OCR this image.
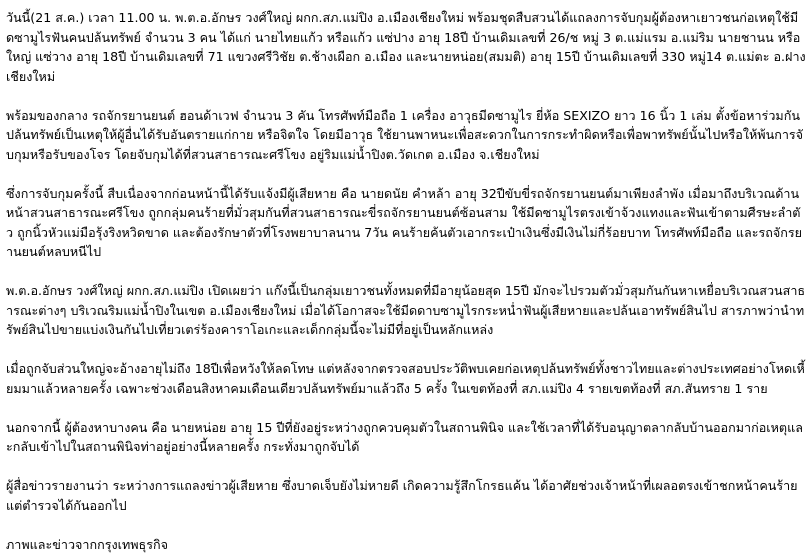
วันนี้(21 ส.ค.) เวลา 11.00 น. พ.ต.อ.อักษร วงศ์ใหญ่ ผกก.สภ.แม่ปิง อ.เมืองเชียงใหม่ พร้อมชุดสืบสวนได้แถลงการจับกุมผู้ต้องหาเยาวชนก่อเหตุใช้มีดซามูไรฟันคนปล้นทรัพย์ จำนวน 3 คน ได้แก่ นายไทยแก้ว หรือแก้ว แซ่ปาง อายุ 18ปี บ้านเดิมเลขที่ 26/ช หมู่ 3 ต.แม่แรม อ.แม่ริม นายชานน หรือใหญ่ แซ่วาง อายุ 18ปี บ้านเดิมเลขที่ 71 แขวงศรีวิชัย ต.ช้างเผือก อ.เมือง และนายหน่อย(สมมติ) อายุ 15ปี บ้านเดิมเลขที่ 330 หมู่14 ต.แม่ตะ อ.ฝาง เชียงใหม่

พร้อมของกลาง รถจักรยานยนต์ ฮอนด้าเวฟ จำนวน 3 คัน โทรศัพท์มือถือ 1 เครื่อง อาวุธมีดซามูไร ยี่ห้อ SEXIZO ยาว 16 นิ้ว 1 เล่ม ตั้งข้อหาร่วมกันปล้นทรัพย์เป็นเหตุให้ผู้อื่นได้รับอันตรายแก่กาย หรือจิตใจ โดยมีอาวุธ ใช้ยานพาหนะเพื่อสะดวกในการกระทำผิดหรือเพื่อพาทรัพย์นั้นไปหรือให้พ้นการจับกุมหรือรับของโจร โดยจับกุมได้ที่สวนสาธารณะศรีโขง อยู่ริมแม่น้ำปิงต.วัดเกต อ.เมือง จ.เชียงใหม่

ซึ่งการจับกุมครั้งนี้ สืบเนื่องจากก่อนหน้านี้ได้รับแจ้งมีผู้เสียหาย คือ นายดนัย คำหล้า อายุ 32ปีขับขี่รถจักรยานยนต์มาเพียงลำพัง เมื่อมาถึงบริเวณด้านหน้าสวนสาธารณะศรีโขง ถูกกลุ่มคนร้ายที่มั่วสุมกันที่สวนสาธารณะขี่รถจักรยานยนต์ซ้อนสาม ใช้มีดซามูไรตรงเข้าจ้วงแทงและฟันเข้าตามศีรษะลำตัว ถูกนิ้วหัวแม่มือรุ้งริงหวิดขาด และต้องรักษาตัวที่โรงพยาบาลนาน 7วัน คนร้ายค้นตัวเอากระเป๋าเงินซึ่งมีเงินไม่กี่ร้อยบาท โทรศัพท์มือถือ และรถจักรยานยนต์หลบหนีไป

พ.ต.อ.อักษร วงศ์ใหญ่ ผกก.สภ.แม่ปิง เปิดเผยว่า แก๊งนี้เป็นกลุ่มเยาวชนทั้งหมดที่มีอายุน้อยสุด 15ปี มักจะไปรวมตัวมั่วสุมกันกันหาเหยื่อบริเวณสวนสาธารณะต่างๆ บริเวณริมแม่น้ำปิงในเขต อ.เมืองเชียงใหม่ เมื่อได้โอกาสจะใช้มีดดาบซามูไรกระหน่ำฟันผู้เสียหายและปล้นเอาทรัพย์สินไป สารภาพว่านำทรัพย์สินไปขายแบ่งเงินกันไปเที่ยวเตร่ร้องคาราโอเกะและเด็กกลุ่มนี้จะไม่มีที่อยู่เป็นหลักแหล่ง

เมื่อถูกจับส่วนใหญ่จะอ้างอายุไม่ถึง 18ปีเพื่อหวังให้ลดโทษ แต่หลังจากตรวจสอบประวัติพบเคยก่อเหตุปล้นทรัพย์ทั้งชาวไทยและต่างประเทศอย่างโหดเหี้ยมมาแล้วหลายครั้ง เฉพาะช่วงเดือนสิงหาคมเดือนเดียวปล้นทรัพย์มาแล้วถึง 5 ครั้ง ในเขตท้องที่ สภ.แม่ปิง 4 รายเขตท้องที่ สภ.สันทราย 1 ราย

นอกจากนี้ ผู้ต้องหาบางคน คือ นายหน่อย อายุ 15 ปีที่ยังอยู่ระหว่างถูกควบคุมตัวในสถานพินิจ และใช้เวลาที่ได้รับอนุญาตลากลับบ้านออกมาก่อเหตุและกลับเข้าไปในสถานพินิจท่าอยู่อย่างนี้หลายครั้ง กระทั่งมาถูกจับได้

ผู้สื่อข่าวรายงานว่า ระหว่างการแถลงข่าวผู้เสียหาย ซึ่งบาดเจ็บยังไม่หายดี เกิดความรู้สึกโกรธแค้น ได้อาศัยช่วงเจ้าหน้าที่เผลอตรงเข้าชกหน้าคนร้าย แต่ตำรวจได้กันออกไป

ภาพและข่าวจากกรุงเทพธุรกิจ
